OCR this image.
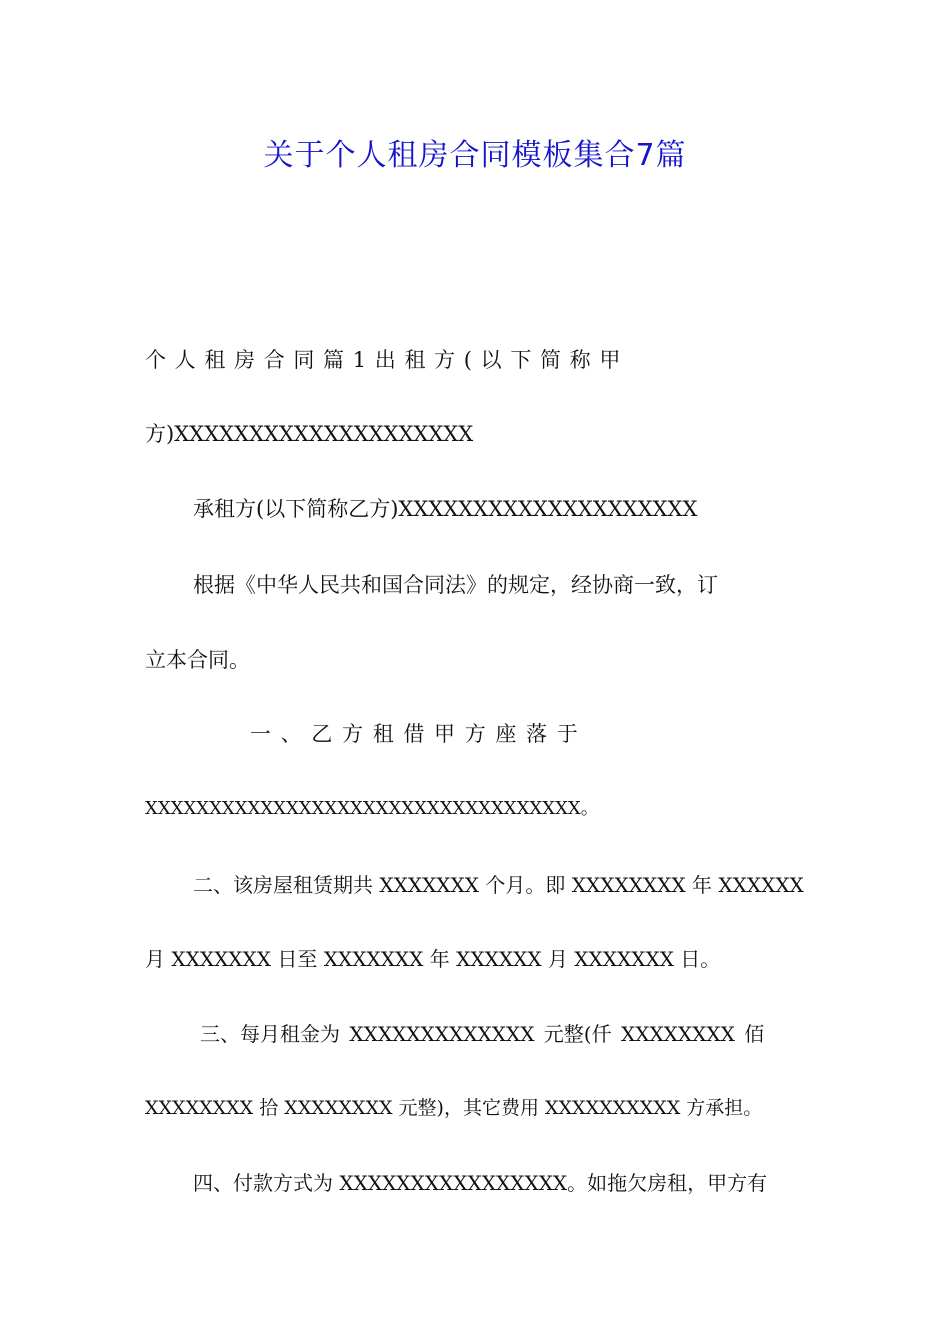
关于个人租房合同模板集合7篇
个 人 租 房 合 同 篇 1 出 租 方 ( 以 下 简 称 甲
方)XXXXXXXXXXXXXXXXXXXX
承租方(以下简称乙方)XXXXXXXXXXXXXXXXXXXX
根据《中华人民共和国合同法》的规定，经协商一致，订
立本合同。
一 、 乙 方 租 借 甲 方 座 落 于
XXXXXXXXXXXXXXXXXXXXXXXXXXXXXXXXXX。
二、该房屋租赁期共 XXXXXXX 个月。即 XXXXXXXX 年 XXXXXX
月 XXXXXXX 日至 XXXXXXX 年 XXXXXX 月 XXXXXXX 日。
三、每月租金为 XXXXXXXXXXXXX 元整(仟 XXXXXXXX 佰
XXXXXXXX 拾 XXXXXXXX 元整)，其它费用 XXXXXXXXXX 方承担。
四、付款方式为 XXXXXXXXXXXXXXXX。如拖欠房租，甲方有
